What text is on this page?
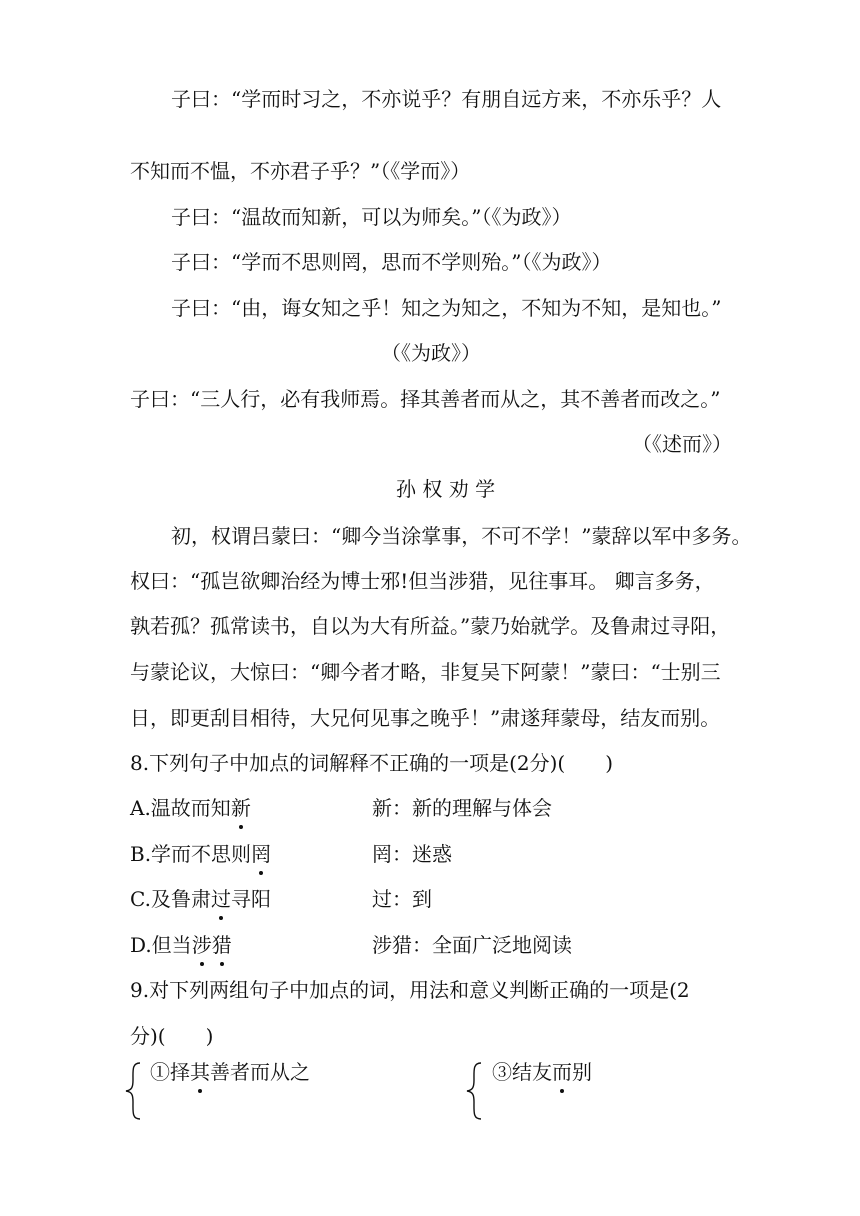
子曰：“学而时习之，不亦说乎？有朋自远方来，不亦乐乎？人
不知而不愠，不亦君子乎？”（《学而》）
子曰：“温故而知新，可以为师矣。”（《为政》）
子曰：“学而不思则罔，思而不学则殆。”（《为政》）
子曰：“由，诲女知之乎！知之为知之，不知为不知，是知也。”
（《为政》）
子曰：“三人行，必有我师焉。择其善者而从之，其不善者而改之。”
（《述而》）
孙 权 劝 学
初，权谓吕蒙曰：“卿今当涂掌事，不可不学！”蒙辞以军中多务。
权曰：“孤岂欲卿治经为博士邪!但当涉猎，见往事耳。 卿言多务，
孰若孤？孤常读书，自以为大有所益。”蒙乃始就学。及鲁肃过寻阳，
与蒙论议，大惊曰：“卿今者才略，非复吴下阿蒙！”蒙曰：“士别三
日，即更刮目相待，大兄何见事之晚乎！”肃遂拜蒙母，结友而别。
8.下列句子中加点的词解释不正确的一项是(2分)(　　)
A.温故而知新	新：新的理解与体会
B.学而不思则罔	罔：迷惑
C.及鲁肃过寻阳	过：到
D.但当涉猎	涉猎：全面广泛地阅读
9.对下列两组句子中加点的词，用法和意义判断正确的一项是(2
分)(　　)
①择其善者而从之	③结友而别
